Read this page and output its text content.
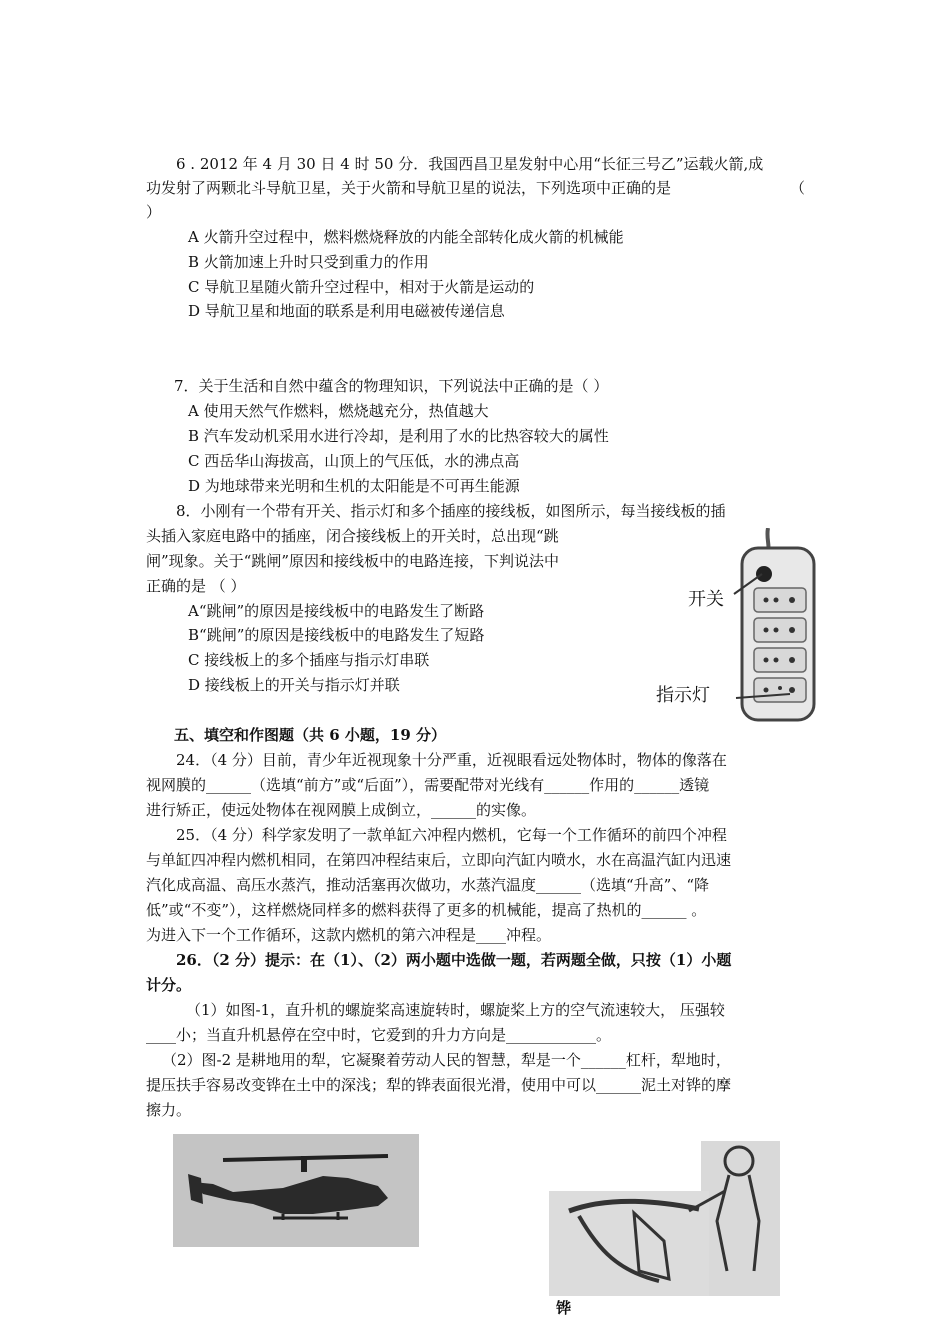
6 . 2012 年 4 月 30 日 4 时 50 分．我国西昌卫星发射中心用“长征三号乙”运载火箭,成
功发射了两颗北斗导航卫星，关于火箭和导航卫星的说法，下列选项中正确的是	（
）
A 火箭升空过程中，燃料燃烧释放的内能全部转化成火箭的机械能
B 火箭加速上升时只受到重力的作用
C 导航卫星随火箭升空过程中，相对于火箭是运动的
D 导航卫星和地面的联系是利用电磁被传递信息
7．关于生活和自然中蕴含的物理知识，下列说法中正确的是（ ）
A 使用天然气作燃料，燃烧越充分，热值越大
B 汽车发动机采用水进行冷却，是利用了水的比热容较大的属性
C 西岳华山海拔高，山顶上的气压低，水的沸点高
D 为地球带来光明和生机的太阳能是不可再生能源
8．小刚有一个带有开关、指示灯和多个插座的接线板，如图所示，每当接线板的插
头插入家庭电路中的插座，闭合接线板上的开关时，总出现“跳
闸”现象。关于“跳闸”原因和接线板中的电路连接，下判说法中
正确的是 （ ）
A“跳闸”的原因是接线板中的电路发生了断路
B“跳闸”的原因是接线板中的电路发生了短路
C 接线板上的多个插座与指示灯串联
D 接线板上的开关与指示灯并联
开关
指示灯
五、填空和作图题（共 6 小题，19 分）
24．（4 分）目前，青少年近视现象十分严重，近视眼看远处物体时，物体的像落在
视网膜的______（选填“前方”或“后面”），需要配带对光线有______作用的______透镜
进行矫正，使远处物体在视网膜上成倒立，______的实像。
25．（4 分）科学家发明了一款单缸六冲程内燃机，它每一个工作循环的前四个冲程
与单缸四冲程内燃机相同，在第四冲程结束后，立即向汽缸内喷水，水在高温汽缸内迅速
汽化成高温、高压水蒸汽，推动活塞再次做功，水蒸汽温度______（选填“升高”、“降
低”或“不变”），这样燃烧同样多的燃料获得了更多的机械能，提高了热机的______ 。
为进入下一个工作循环，这款内燃机的第六冲程是____冲程。
26．（2 分）提示：在（1）、（2）两小题中选做一题，若两题全做，只按（1）小题
计分。
（1）如图-1，直升机的螺旋桨高速旋转时，螺旋桨上方的空气流速较大， 压强较
____小；当直升机悬停在空中时，它爱到的升力方向是____________。
（2）图-2 是耕地用的犁，它凝聚着劳动人民的智慧，犁是一个______杠杆，犁地时，
提压扶手容易改变铧在土中的深浅；犁的铧表面很光滑，使用中可以______泥土对铧的摩
擦力。
铧
